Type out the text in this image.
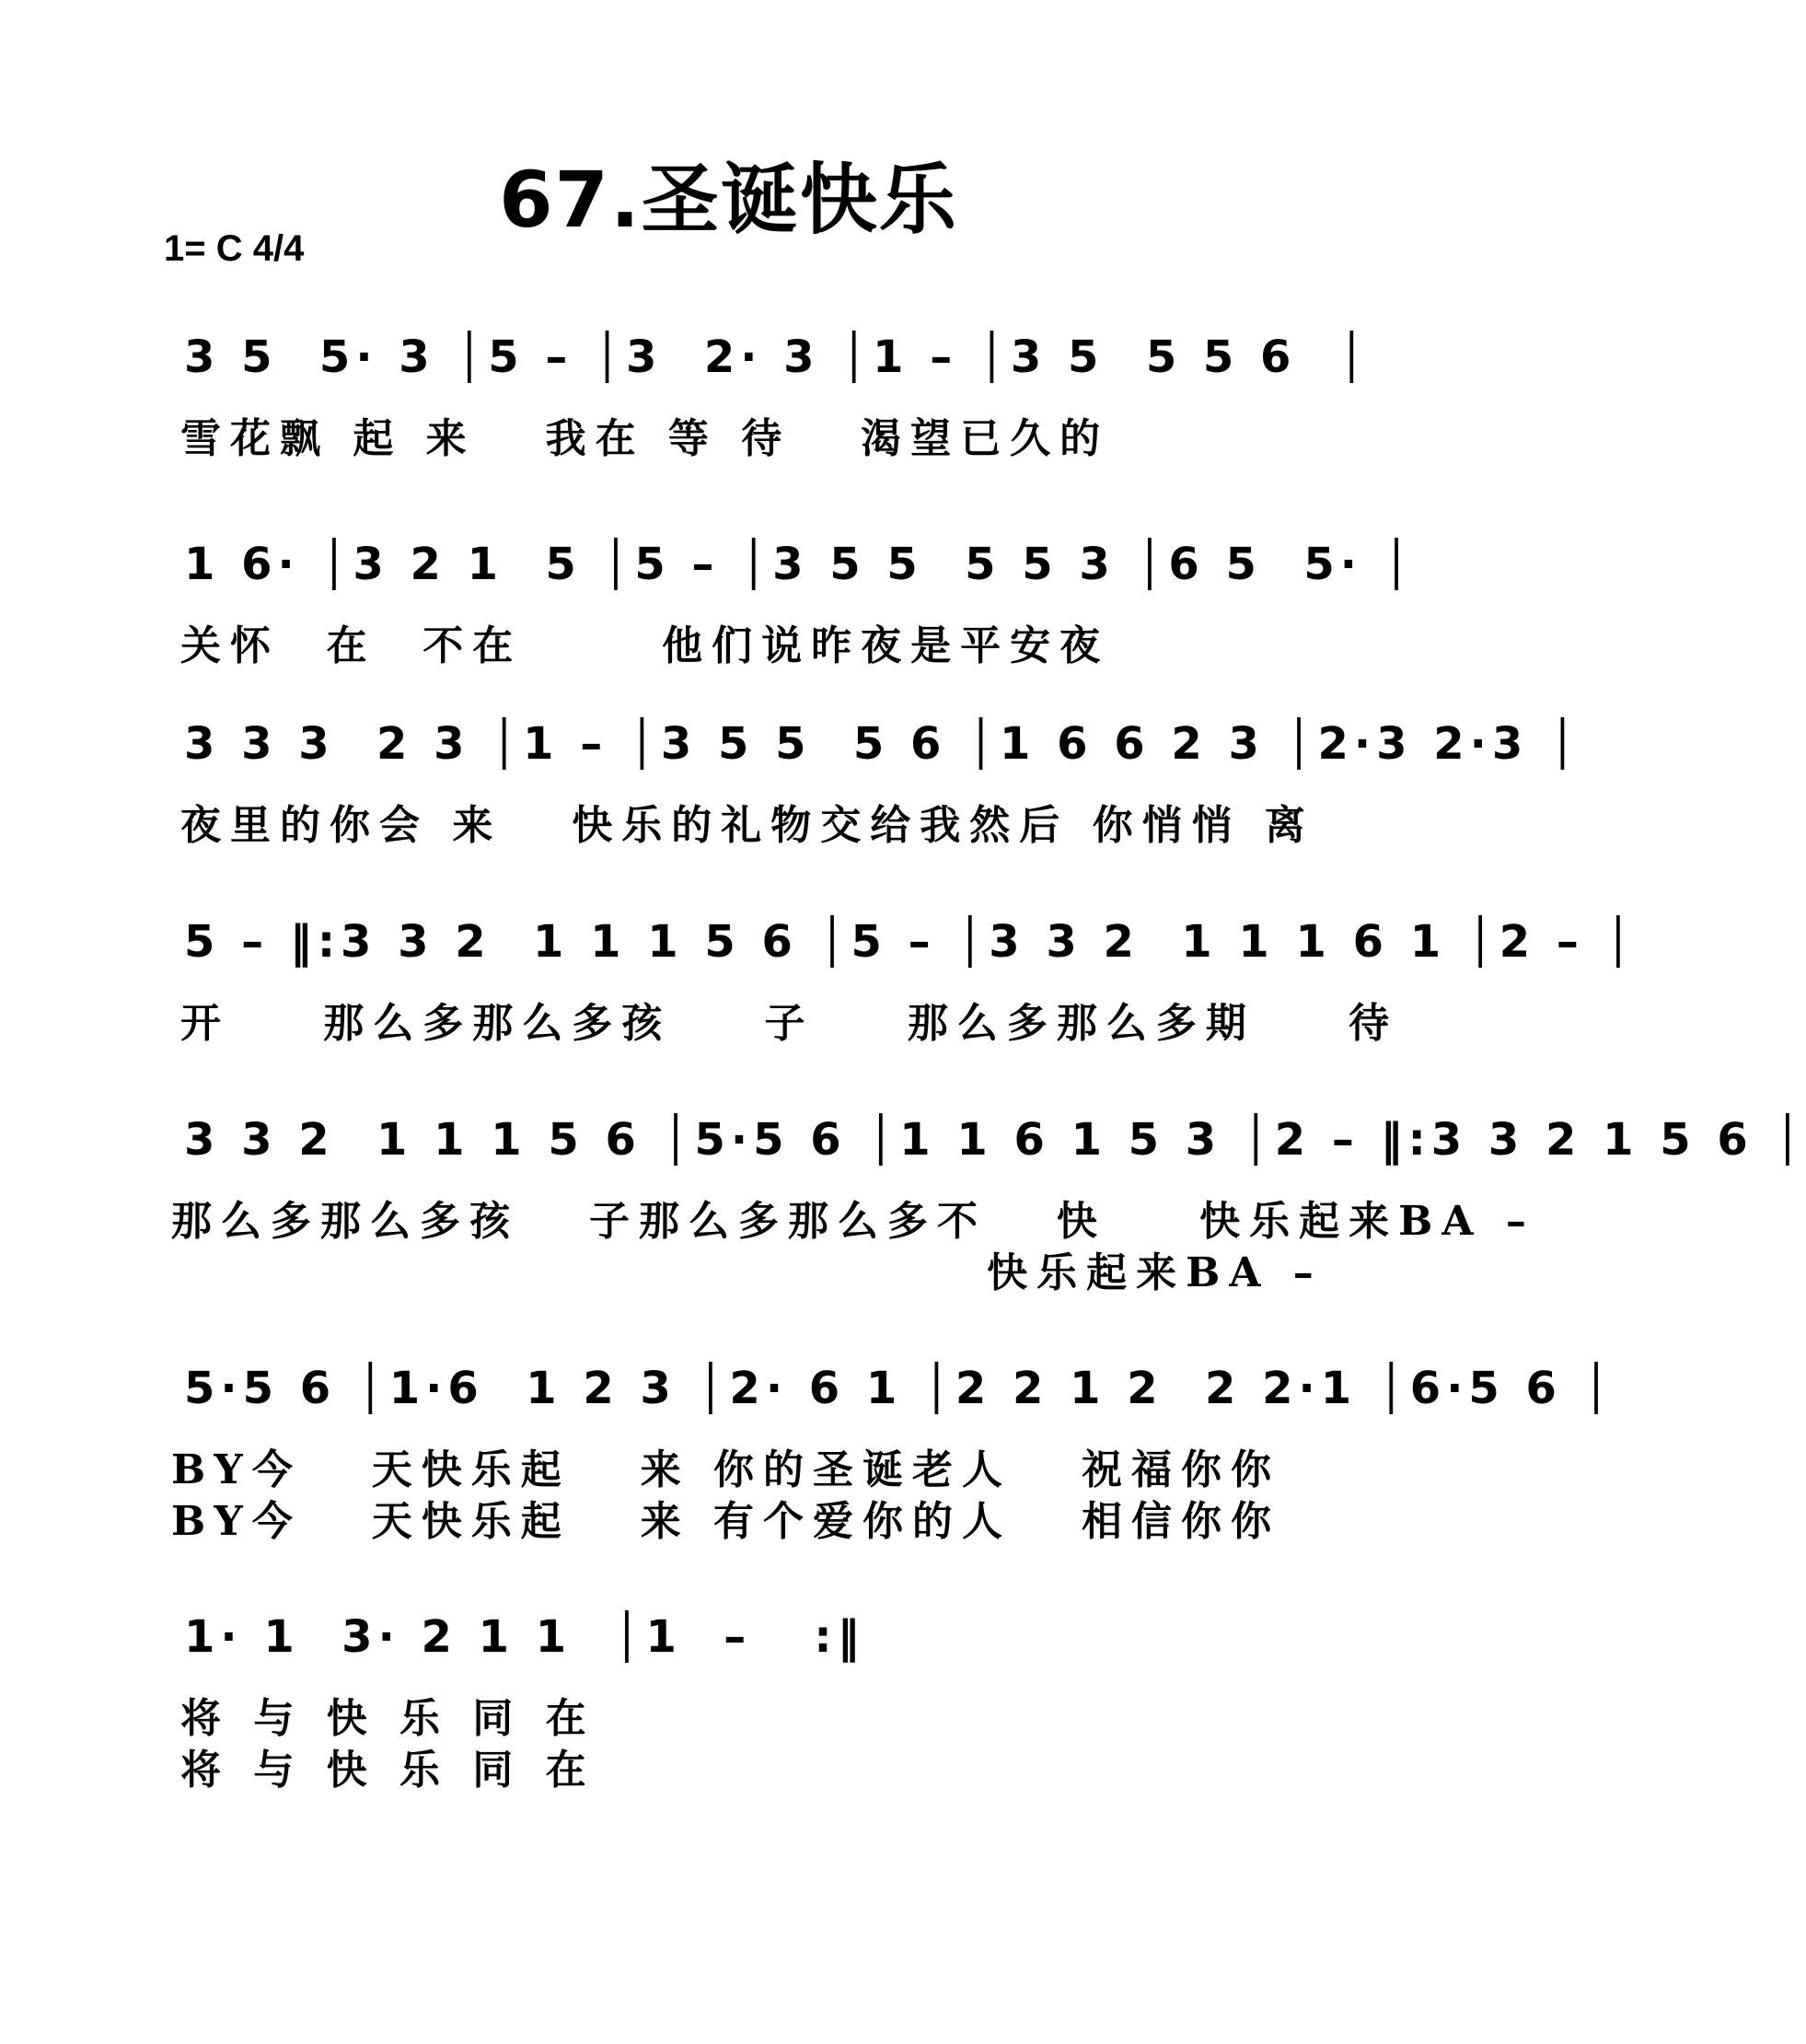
67.圣诞快乐
1= C 4/4
3 5  5· 3 │5 – │3  2· 3 │1 – │3 5  5 5 6  │
雪花飘 起 来   我在 等 待   渴望已久的
1 6· │3 2 1  5 │5 – │3 5 5  5 5 3 │6 5  5· │
关怀  在  不在      他们说昨夜是平安夜
3 3 3  2 3 │1 – │3 5 5  5 6 │1 6 6 2 3 │2·3 2·3 │
夜里的你会 来   快乐的礼物交给我然后 你悄悄 离
5 – ‖:3 3 2  1 1 1 5 6 │5 – │3 3 2  1 1 1 6 1 │2 – │
开    那么多那么多孩    子    那么多那么多期    待
3 3 2  1 1 1 5 6 │5·5 6 │1 1 6 1 5 3 │2 – ‖:3 3 2 1 5 6 │
那么多那么多孩   子那么多那么多不   快    快乐起来BA –
快乐起来BA –
5·5 6 │1·6  1 2 3 │2· 6 1 │2 2 1 2  2 2·1 │6·5 6 │
BY今   天快乐起   来 你的圣诞老人   祝福你你
BY今   天快乐起   来 有个爱你的人   相信你你
1· 1  3· 2 1 1  │1  –   :‖
将 与 快 乐 同 在
将 与 快 乐 同 在
